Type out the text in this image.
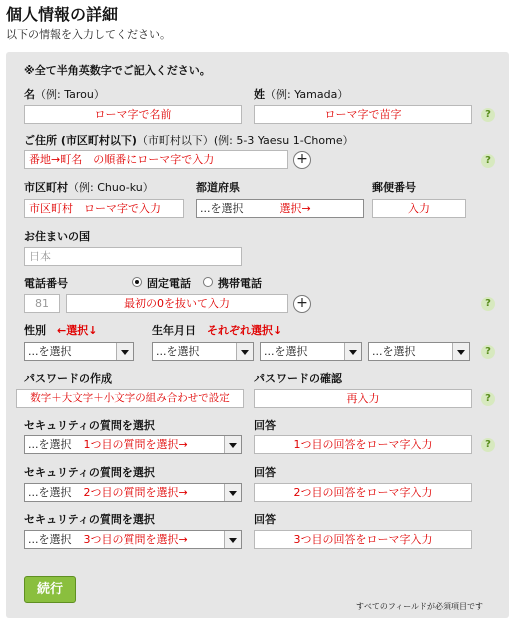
個人情報の詳細
以下の情報を入力してください。
※全て半角英数字でご記入ください。
名（例: Tarou）
ローマ字で名前
姓（例: Yamada）
ローマ字で苗字	?
ご住所 (市区町村以下)（市町村以下）(例: 5-3 Yaesu 1-Chome）
番地→町名　の順番にローマ字で入力	+	?
市区町村（例: Chuo-ku）
市区町村　ローマ字で入力
都道府県
...を選択	選択→
郵便番号
入力
お住まいの国
日本
電話番号	固定電話 携帯電話
81	最初の0を抜いて入力	+	?
性別　 ←選択↓
...を選択
生年月日　 それぞれ選択↓
...を選択	...を選択	...を選択	?
パスワードの作成
数字＋大文字＋小文字の組み合わせで設定
パスワードの確認
再入力	?
セキュリティの質問を選択
...を選択 1つ目の質問を選択→
回答
1つ目の回答をローマ字入力	?
セキュリティの質問を選択
...を選択 2つ目の質問を選択→
回答
2つ目の回答をローマ字入力
セキュリティの質問を選択
...を選択 3つ目の質問を選択→
回答
3つ目の回答をローマ字入力
続行
すべてのフィールドが必須項目です
